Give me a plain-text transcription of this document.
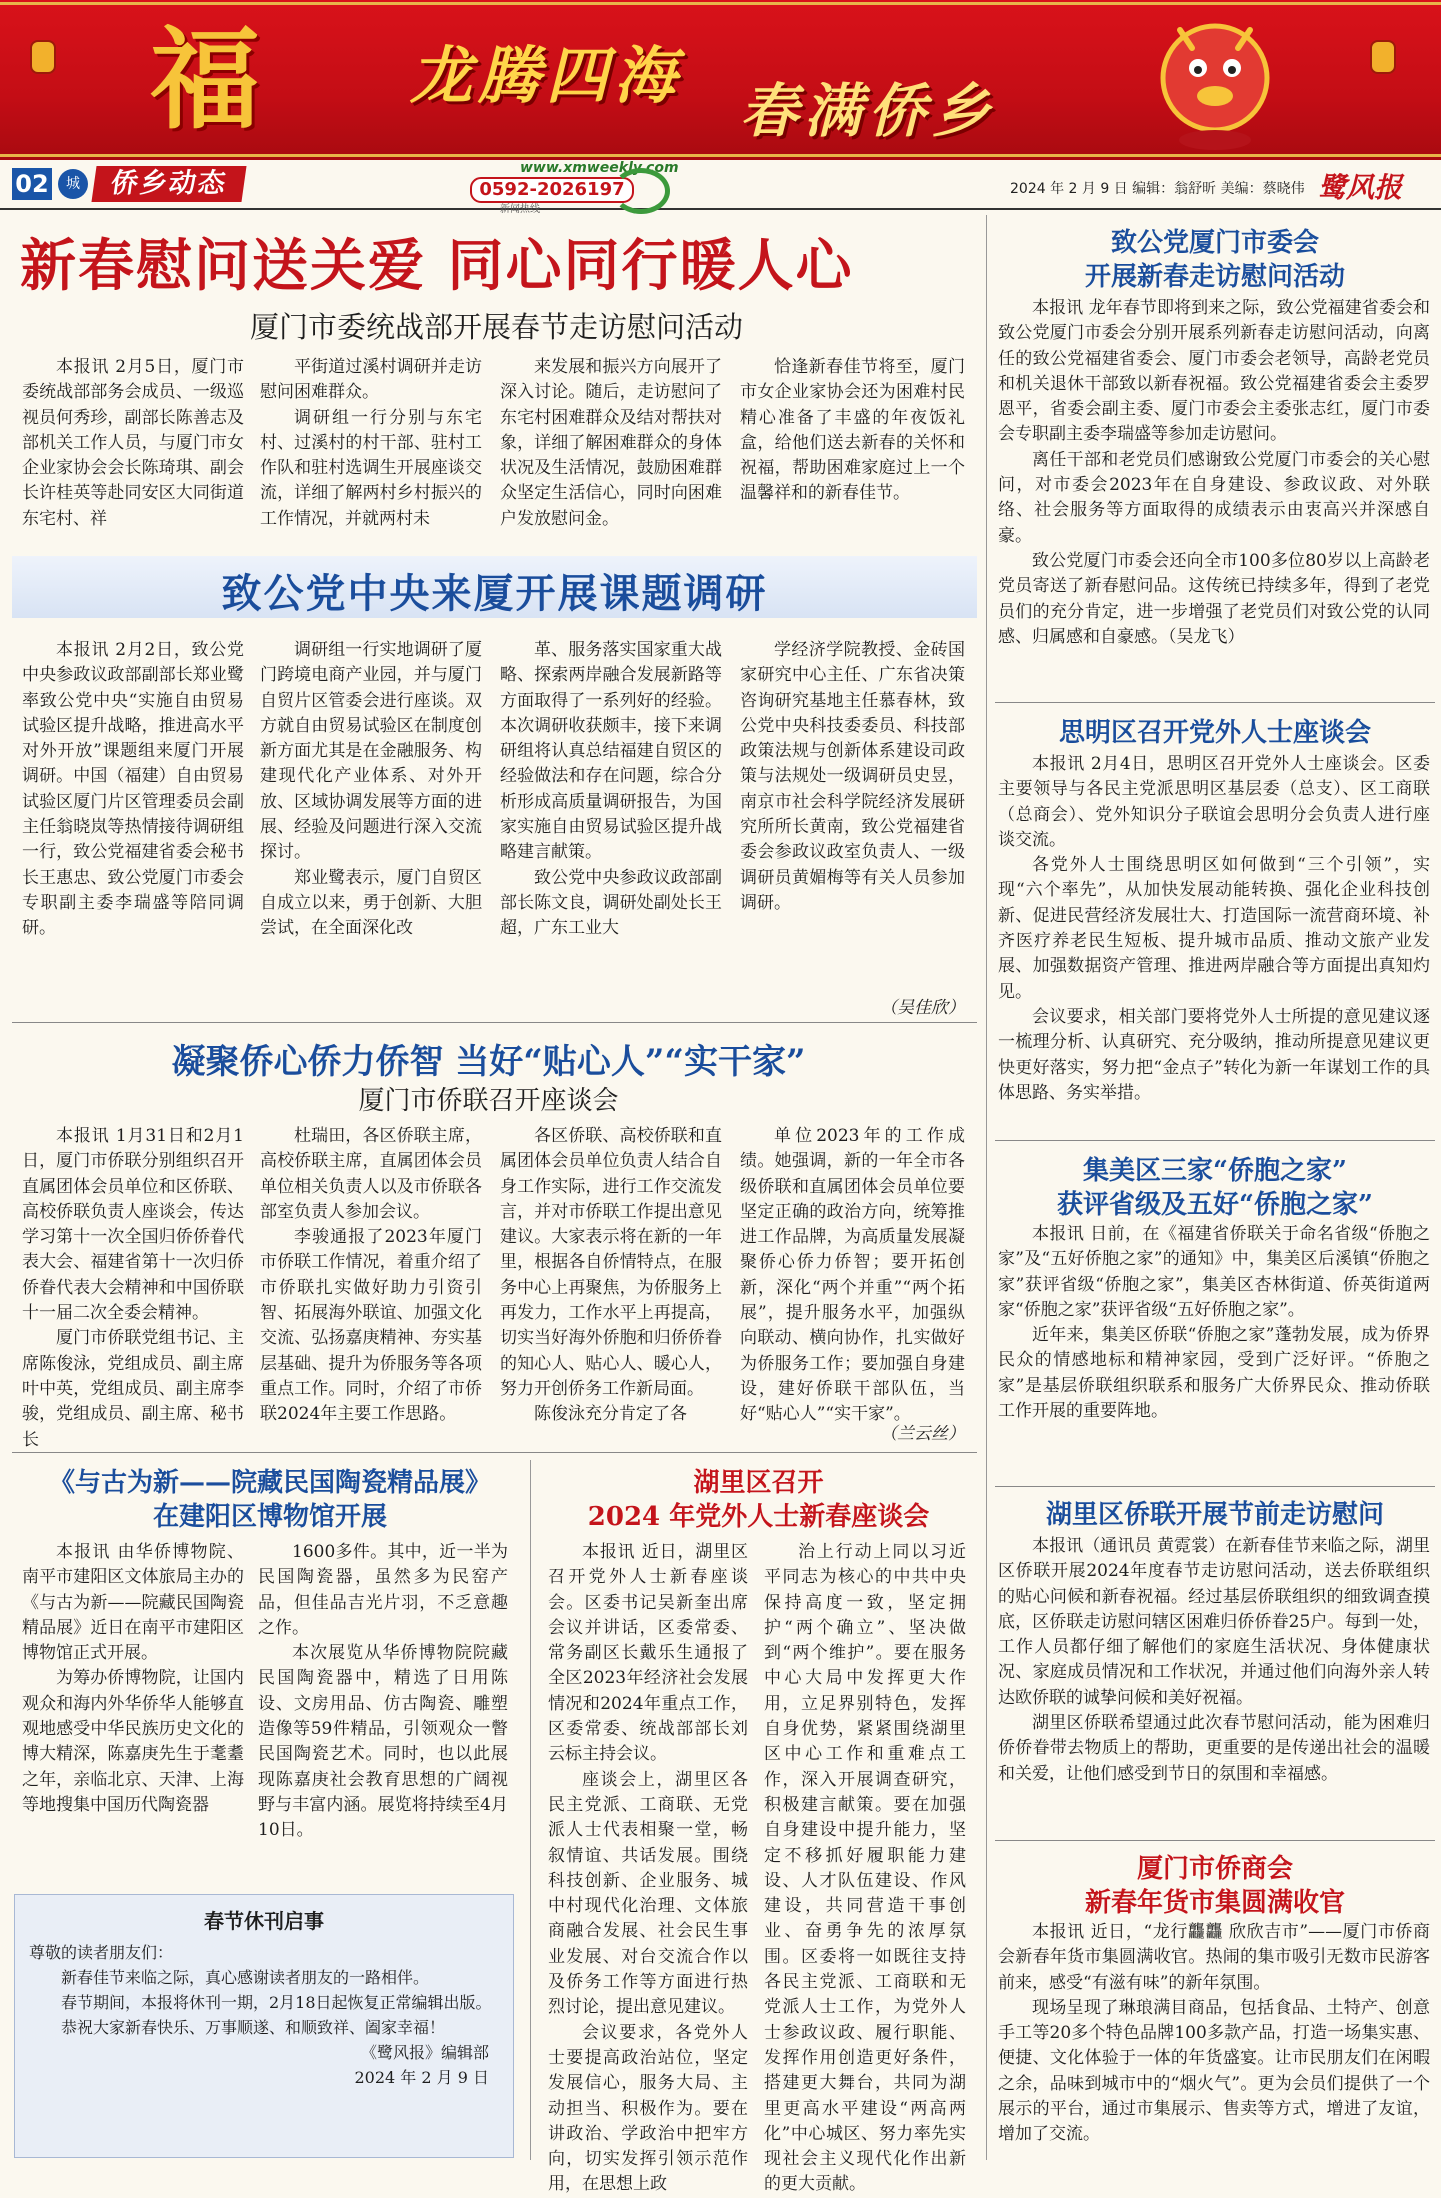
福	龙腾四海 春满侨乡
02	城	侨乡动态	www.xmweekly.com
0592-2026197
新闻热线
2024 年 2 月 9 日 编辑：翁舒昕 美编：蔡晓伟 鹭风报
新春慰问送关爱 同心同行暖人心
厦门市委统战部开展春节走访慰问活动

本报讯 2月5日，厦门市委统战部部务会成员、一级巡视员何秀珍，副部长陈善志及部机关工作人员，与厦门市女企业家协会会长陈琦琪、副会长许桂英等赴同安区大同街道东宅村、祥

平街道过溪村调研并走访慰问困难群众。

调研组一行分别与东宅村、过溪村的村干部、驻村工作队和驻村选调生开展座谈交流，详细了解两村乡村振兴的工作情况，并就两村未

来发展和振兴方向展开了深入讨论。随后，走访慰问了东宅村困难群众及结对帮扶对象，详细了解困难群众的身体状况及生活情况，鼓励困难群众坚定生活信心，同时向困难户发放慰问金。

恰逢新春佳节将至，厦门市女企业家协会还为困难村民精心准备了丰盛的年夜饭礼盒，给他们送去新春的关怀和祝福，帮助困难家庭过上一个温馨祥和的新春佳节。

致公党中央来厦开展课题调研

本报讯 2月2日，致公党中央参政议政部副部长郑业鹭率致公党中央“实施自由贸易试验区提升战略，推进高水平对外开放”课题组来厦门开展调研。中国（福建）自由贸易试验区厦门片区管理委员会副主任翁晓岚等热情接待调研组一行，致公党福建省委会秘书长王惠忠、致公党厦门市委会专职副主委李瑞盛等陪同调研。

调研组一行实地调研了厦门跨境电商产业园，并与厦门自贸片区管委会进行座谈。双方就自由贸易试验区在制度创新方面尤其是在金融服务、构建现代化产业体系、对外开放、区域协调发展等方面的进展、经验及问题进行深入交流探讨。

郑业鹭表示，厦门自贸区自成立以来，勇于创新、大胆尝试，在全面深化改

革、服务落实国家重大战略、探索两岸融合发展新路等方面取得了一系列好的经验。本次调研收获颇丰，接下来调研组将认真总结福建自贸区的经验做法和存在问题，综合分析形成高质量调研报告，为国家实施自由贸易试验区提升战略建言献策。

致公党中央参政议政部副部长陈文良，调研处副处长王超，广东工业大

学经济学院教授、金砖国家研究中心主任、广东省决策咨询研究基地主任慕春林，致公党中央科技委委员、科技部政策法规与创新体系建设司政策与法规处一级调研员史昱，南京市社会科学院经济发展研究所所长黄南，致公党福建省委会参政议政室负责人、一级调研员黄媚梅等有关人员参加调研。

（吴佳欣）
凝聚侨心侨力侨智 当好“贴心人”“实干家”
厦门市侨联召开座谈会

本报讯 1月31日和2月1日，厦门市侨联分别组织召开直属团体会员单位和区侨联、高校侨联负责人座谈会，传达学习第十一次全国归侨侨眷代表大会、福建省第十一次归侨侨眷代表大会精神和中国侨联十一届二次全委会精神。

厦门市侨联党组书记、主席陈俊泳，党组成员、副主席叶中英，党组成员、副主席李骏，党组成员、副主席、秘书长

杜瑞田，各区侨联主席，高校侨联主席，直属团体会员单位相关负责人以及市侨联各部室负责人参加会议。

李骏通报了2023年厦门市侨联工作情况，着重介绍了市侨联扎实做好助力引资引智、拓展海外联谊、加强文化交流、弘扬嘉庚精神、夯实基层基础、提升为侨服务等各项重点工作。同时，介绍了市侨联2024年主要工作思路。

各区侨联、高校侨联和直属团体会员单位负责人结合自身工作实际，进行工作交流发言，并对市侨联工作提出意见建议。大家表示将在新的一年里，根据各自侨情特点，在服务中心上再聚焦，为侨服务上再发力，工作水平上再提高，切实当好海外侨胞和归侨侨眷的知心人、贴心人、暖心人，努力开创侨务工作新局面。

陈俊泳充分肯定了各

单位2023年的工作成绩。她强调，新的一年全市各级侨联和直属团体会员单位要坚定正确的政治方向，统筹推进工作品牌，为高质量发展凝聚侨心侨力侨智；要开拓创新，深化“两个并重”“两个拓展”，提升服务水平，加强纵向联动、横向协作，扎实做好为侨服务工作；要加强自身建设，建好侨联干部队伍，当好“贴心人”“实干家”。

（兰云丝）
《与古为新——院藏民国陶瓷精品展》
在建阳区博物馆开展

本报讯 由华侨博物院、南平市建阳区文体旅局主办的《与古为新——院藏民国陶瓷精品展》近日在南平市建阳区博物馆正式开展。

为筹办侨博物院，让国内观众和海内外华侨华人能够直观地感受中华民族历史文化的博大精深，陈嘉庚先生于耄耋之年，亲临北京、天津、上海等地搜集中国历代陶瓷器

1600多件。其中，近一半为民国陶瓷器，虽然多为民窑产品，但佳品吉光片羽，不乏意趣之作。

本次展览从华侨博物院院藏民国陶瓷器中，精选了日用陈设、文房用品、仿古陶瓷、雕塑造像等59件精品，引领观众一瞥民国陶瓷艺术。同时，也以此展现陈嘉庚社会教育思想的广阔视野与丰富内涵。展览将持续至4月10日。

春节休刊启事
尊敬的读者朋友们：
新春佳节来临之际，真心感谢读者朋友的一路相伴。
春节期间，本报将休刊一期，2月18日起恢复正常编辑出版。
恭祝大家新春快乐、万事顺遂、和顺致祥、阖家幸福！
《鹭风报》编辑部
2024 年 2 月 9 日
湖里区召开
2024 年党外人士新春座谈会

本报讯 近日，湖里区召开党外人士新春座谈会。区委书记吴新奎出席会议并讲话，区委常委、常务副区长戴乐生通报了全区2023年经济社会发展情况和2024年重点工作，区委常委、统战部部长刘云标主持会议。

座谈会上，湖里区各民主党派、工商联、无党派人士代表相聚一堂，畅叙情谊、共话发展。围绕科技创新、企业服务、城中村现代化治理、文体旅商融合发展、社会民生事业发展、对台交流合作以及侨务工作等方面进行热烈讨论，提出意见建议。

会议要求，各党外人士要提高政治站位，坚定发展信心，服务大局、主动担当、积极作为。要在讲政治、学政治中把牢方向，切实发挥引领示范作用，在思想上政

治上行动上同以习近平同志为核心的中共中央保持高度一致，坚定拥护“两个确立”、坚决做到“两个维护”。要在服务中心大局中发挥更大作用，立足界别特色，发挥自身优势，紧紧围绕湖里区中心工作和重难点工作，深入开展调查研究，积极建言献策。要在加强自身建设中提升能力，坚定不移抓好履职能力建设、人才队伍建设、作风建设，共同营造干事创业、奋勇争先的浓厚氛围。区委将一如既往支持各民主党派、工商联和无党派人士工作，为党外人士参政议政、履行职能、发挥作用创造更好条件，搭建更大舞台，共同为湖里更高水平建设“两高两化”中心城区、努力率先实现社会主义现代化作出新的更大贡献。

致公党厦门市委会
开展新春走访慰问活动

本报讯 龙年春节即将到来之际，致公党福建省委会和致公党厦门市委会分别开展系列新春走访慰问活动，向离任的致公党福建省委会、厦门市委会老领导，高龄老党员和机关退休干部致以新春祝福。致公党福建省委会主委罗恩平，省委会副主委、厦门市委会主委张志红，厦门市委会专职副主委李瑞盛等参加走访慰问。

离任干部和老党员们感谢致公党厦门市委会的关心慰问，对市委会2023年在自身建设、参政议政、对外联络、社会服务等方面取得的成绩表示由衷高兴并深感自豪。

致公党厦门市委会还向全市100多位80岁以上高龄老党员寄送了新春慰问品。这传统已持续多年，得到了老党员们的充分肯定，进一步增强了老党员们对致公党的认同感、归属感和自豪感。（吴龙飞）

思明区召开党外人士座谈会

本报讯 2月4日，思明区召开党外人士座谈会。区委主要领导与各民主党派思明区基层委（总支）、区工商联（总商会）、党外知识分子联谊会思明分会负责人进行座谈交流。

各党外人士围绕思明区如何做到“三个引领”，实现“六个率先”，从加快发展动能转换、强化企业科技创新、促进民营经济发展壮大、打造国际一流营商环境、补齐医疗养老民生短板、提升城市品质、推动文旅产业发展、加强数据资产管理、推进两岸融合等方面提出真知灼见。

会议要求，相关部门要将党外人士所提的意见建议逐一梳理分析、认真研究、充分吸纳，推动所提意见建议更快更好落实，努力把“金点子”转化为新一年谋划工作的具体思路、务实举措。

集美区三家“侨胞之家”
获评省级及五好“侨胞之家”

本报讯 日前，在《福建省侨联关于命名省级“侨胞之家”及“五好侨胞之家”的通知》中，集美区后溪镇“侨胞之家”获评省级“侨胞之家”，集美区杏林街道、侨英街道两家“侨胞之家”获评省级“五好侨胞之家”。

近年来，集美区侨联“侨胞之家”蓬勃发展，成为侨界民众的情感地标和精神家园，受到广泛好评。“侨胞之家”是基层侨联组织联系和服务广大侨界民众、推动侨联工作开展的重要阵地。

湖里区侨联开展节前走访慰问

本报讯（通讯员 黄霓裳）在新春佳节来临之际，湖里区侨联开展2024年度春节走访慰问活动，送去侨联组织的贴心问候和新春祝福。经过基层侨联组织的细致调查摸底，区侨联走访慰问辖区困难归侨侨眷25户。每到一处，工作人员都仔细了解他们的家庭生活状况、身体健康状况、家庭成员情况和工作状况，并通过他们向海外亲人转达欧侨联的诚挚问候和美好祝福。

湖里区侨联希望通过此次春节慰问活动，能为困难归侨侨眷带去物质上的帮助，更重要的是传递出社会的温暖和关爱，让他们感受到节日的氛围和幸福感。

厦门市侨商会
新春年货市集圆满收官

本报讯 近日，“龙行龘龘 欣欣吉市”——厦门市侨商会新春年货市集圆满收官。热闹的集市吸引无数市民游客前来，感受“有滋有味”的新年氛围。

现场呈现了琳琅满目商品，包括食品、土特产、创意手工等20多个特色品牌100多款产品，打造一场集实惠、便捷、文化体验于一体的年货盛宴。让市民朋友们在闲暇之余，品味到城市中的“烟火气”。更为会员们提供了一个展示的平台，通过市集展示、售卖等方式，增进了友谊，增加了交流。
